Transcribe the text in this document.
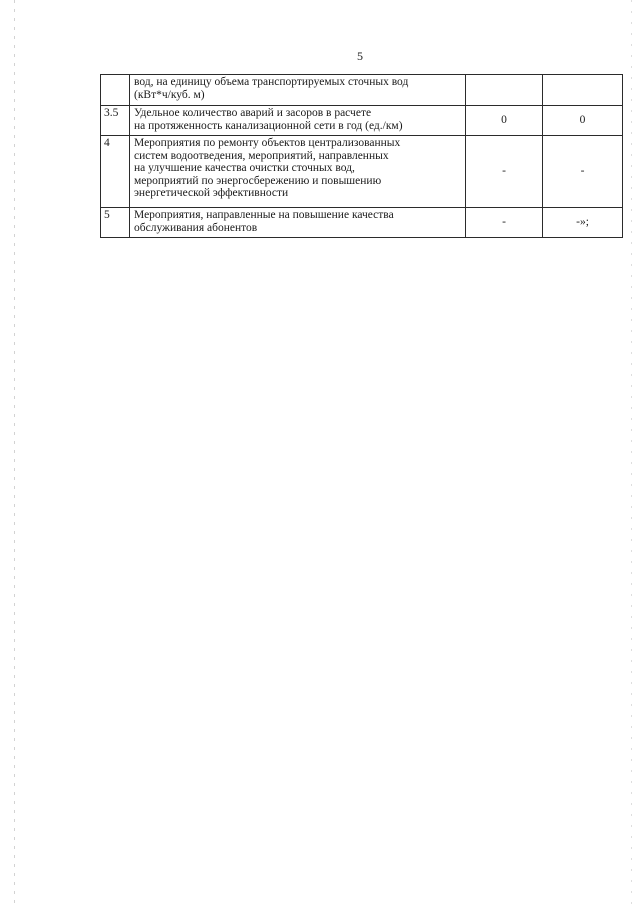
5

	вод, на единицу объема транспортируемых сточных вод
(кВт*ч/куб. м)		

3.5	Удельное количество аварий и засоров в расчете
на протяженность канализационной сети в год (ед./км)	0	0
4	Мероприятия по ремонту объектов централизованных
систем водоотведения, мероприятий, направленных
на улучшение качества очистки сточных вод,
мероприятий по энергосбережению и повышению
энергетической эффективности	-	-
5	Мероприятия, направленные на повышение качества
обслуживания абонентов	-	-»;
